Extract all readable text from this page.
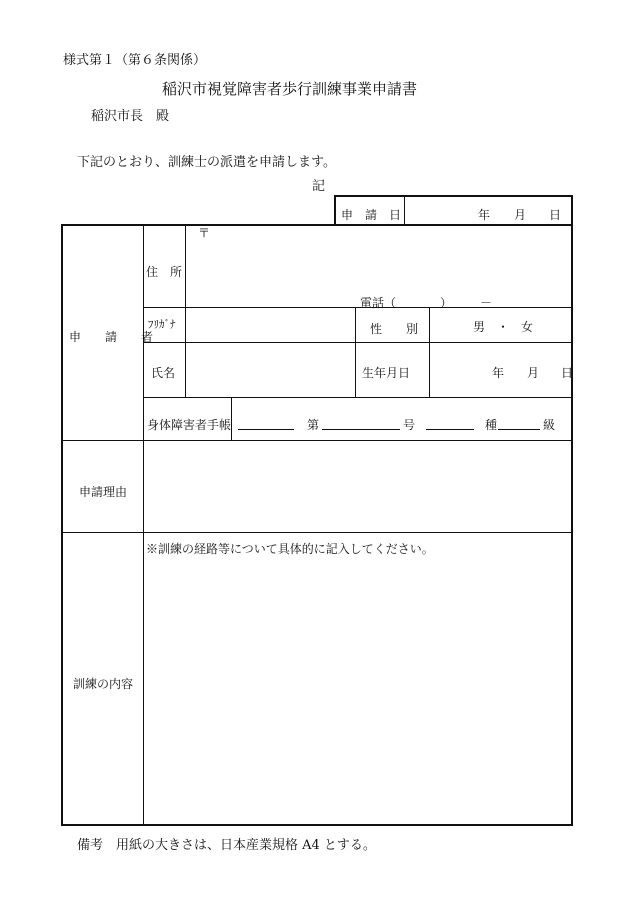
様式第１（第６条関係）
稲沢市視覚障害者歩行訓練事業申請書
稲沢市長　殿
下記のとおり、訓練士の派遣を申請します。
記
申　請　日	年 月 日
申　　請　　者
住　所
〒
電話（	） －
ﾌﾘｶﾞﾅ	性　　別	男　・　女
氏名	生年月日	年 月 日
身体障害者手帳	第	号	種	級
申請理由
訓練の内容
※訓練の経路等について具体的に記入してください。
備考　用紙の大きさは、日本産業規格 A4 とする。
